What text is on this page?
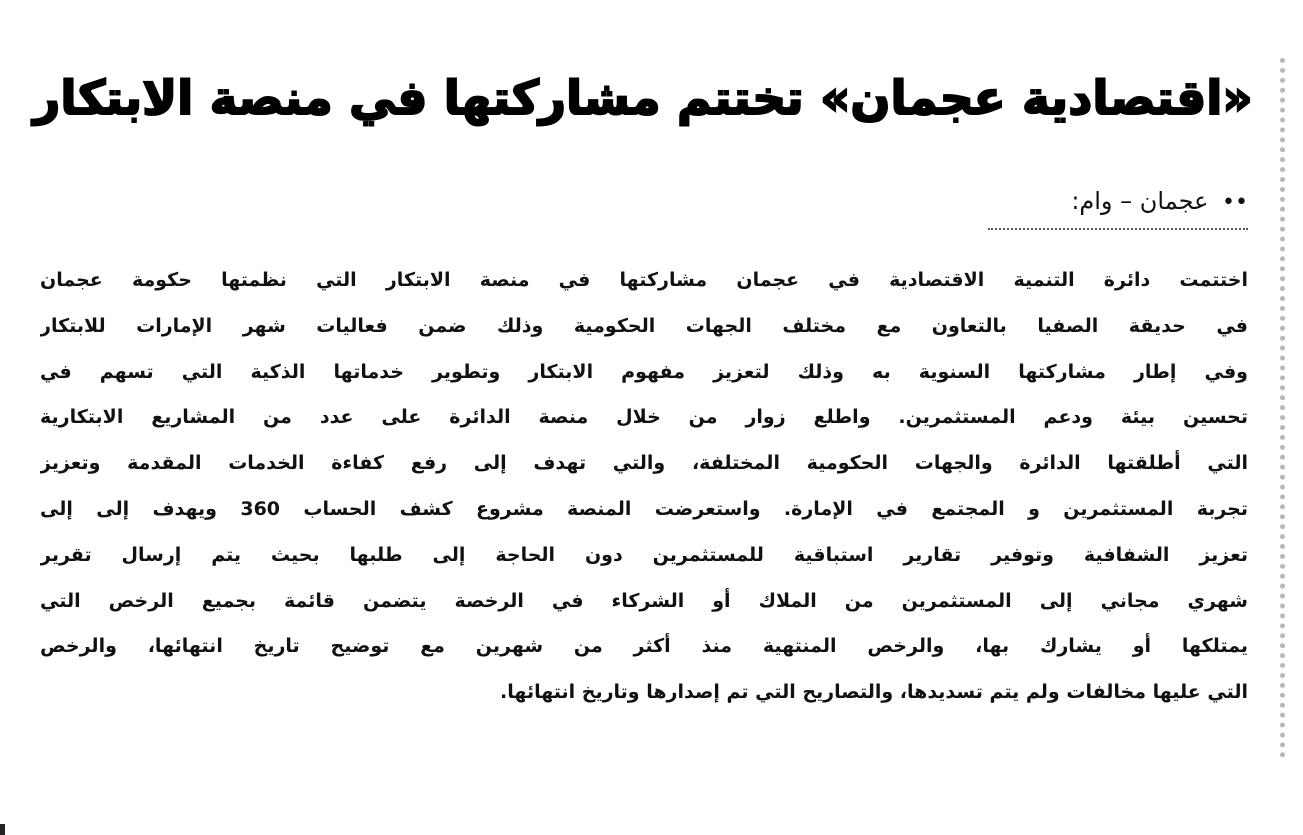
«اقتصادية عجمان» تختتم مشاركتها في منصة الابتكار
•• عجمان – وام:
اختتمت دائرة التنمية الاقتصادية في عجمان مشاركتها في منصة الابتكار التي نظمتها حكومة عجمان
في حديقة الصفيا بالتعاون مع مختلف الجهات الحكومية وذلك ضمن فعاليات شهر الإمارات للابتكار
وفي إطار مشاركتها السنوية به وذلك لتعزيز مفهوم الابتكار وتطوير خدماتها الذكية التي تسهم في
تحسين بيئة ودعم المستثمرين. واطلع زوار من خلال منصة الدائرة على عدد من المشاريع الابتكارية
التي أطلقتها الدائرة والجهات الحكومية المختلفة، والتي تهدف إلى رفع كفاءة الخدمات المقدمة وتعزيز
تجربة المستثمرين و المجتمع في الإمارة. واستعرضت المنصة مشروع كشف الحساب 360 ويهدف إلى إلى
تعزيز الشفافية وتوفير تقارير استباقية للمستثمرين دون الحاجة إلى طلبها بحيث يتم إرسال تقرير
شهري مجاني إلى المستثمرين من الملاك أو الشركاء في الرخصة يتضمن قائمة بجميع الرخص التي
يمتلكها أو يشارك بها، والرخص المنتهية منذ أكثر من شهرين مع توضيح تاريخ انتهائها، والرخص
التي عليها مخالفات ولم يتم تسديدها، والتصاريح التي تم إصدارها وتاريخ انتهائها.
